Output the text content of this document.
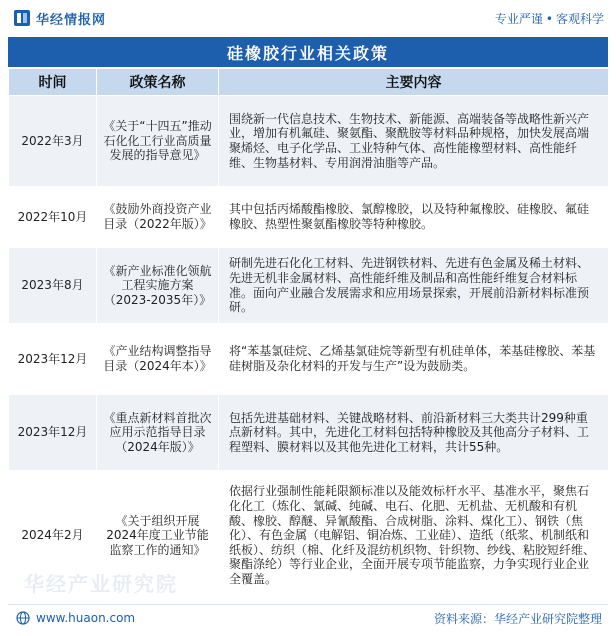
华经情报网	专业严谨 • 客观科学
硅橡胶行业相关政策
时间	政策名称	主要内容
2022年3月	《关于“十四五”推动石化化工行业高质量发展的指导意见》	围绕新一代信息技术、生物技术、新能源、高端装备等战略性新兴产业，增加有机氟硅、聚氨酯、聚酰胺等材料品种规格，加快发展高端聚烯烃、电子化学品、工业特种气体、高性能橡塑材料、高性能纤维、生物基材料、专用润滑油脂等产品。
2022年10月	《鼓励外商投资产业目录（2022年版）》	其中包括丙烯酸酯橡胶、氯醇橡胶，以及特种氟橡胶、硅橡胶、氟硅橡胶、热塑性聚氨酯橡胶等特种橡胶。
2023年8月	《新产业标准化领航工程实施方案（2023-2035年）》	研制先进石化化工材料、先进钢铁材料、先进有色金属及稀土材料、先进无机非金属材料、高性能纤维及制品和高性能纤维复合材料标准。面向产业融合发展需求和应用场景探索，开展前沿新材料标准预研。
2023年12月	《产业结构调整指导目录（2024年本）》	将“苯基氯硅烷、乙烯基氯硅烷等新型有机硅单体，苯基硅橡胶、苯基硅树脂及杂化材料的开发与生产”设为鼓励类。
2023年12月	《重点新材料首批次应用示范指导目录（2024年版）》	包括先进基础材料、关键战略材料、前沿新材料三大类共计299种重点新材料。其中，先进化工材料包括特种橡胶及其他高分子材料、工程塑料、膜材料以及其他先进化工材料，共计55种。
2024年2月	《关于组织开展2024年度工业节能监察工作的通知》	依据行业强制性能耗限额标准以及能效标杆水平、基准水平，聚焦石化化工（炼化、氯碱、纯碱、电石、化肥、无机盐、无机酸和有机酸、橡胶、醇醚、异氰酸酯、合成树脂、涂料、煤化工）、钢铁（焦化）、有色金属（电解铝、铜冶炼、工业硅）、造纸（纸浆、机制纸和纸板）、纺织（棉、化纤及混纺机织物、针织物、纱线、粘胶短纤维、聚酯涤纶）等行业企业，全面开展专项节能监察，力争实现行业企业全覆盖。
www.huaon.com	资料来源：华经产业研究院整理
